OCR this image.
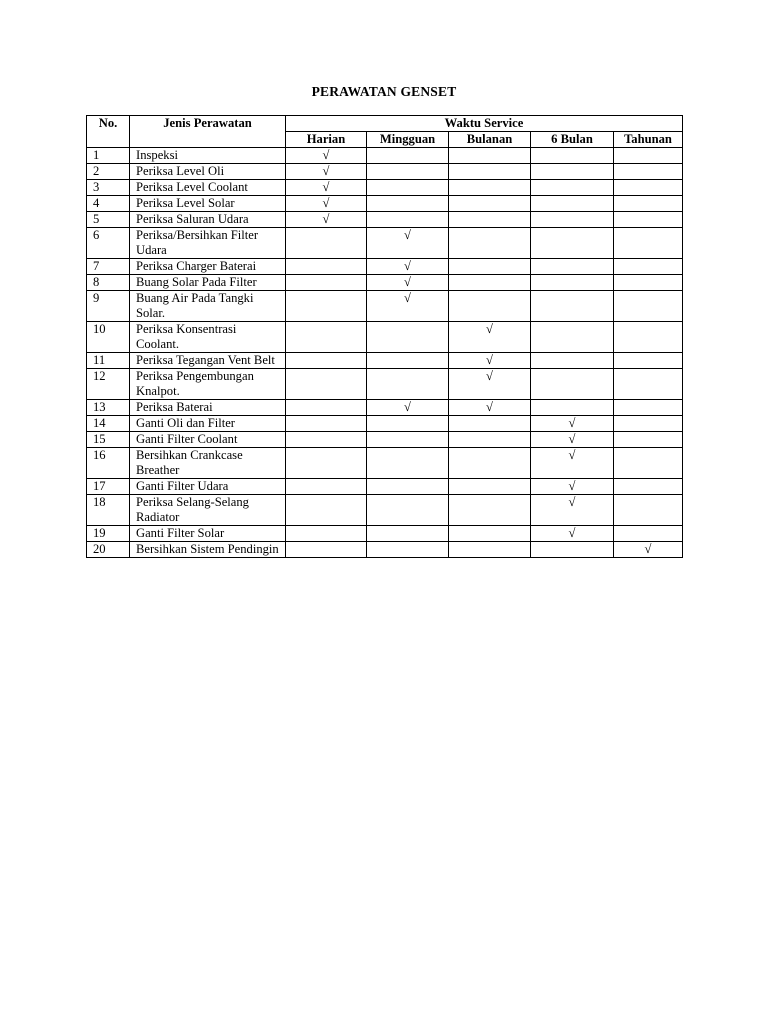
PERAWATAN GENSET
No.	Jenis Perawatan	Waktu Service				
		Harian	Mingguan	Bulanan	6 Bulan	Tahunan
1	Inspeksi	√				
2	Periksa Level Oli	√				
3	Periksa Level Coolant	√				
4	Periksa Level Solar	√				
5	Periksa Saluran Udara	√				
6	Periksa/Bersihkan Filter Udara		√			
7	Periksa Charger Baterai		√			
8	Buang Solar Pada Filter		√			
9	Buang Air Pada Tangki Solar.		√			
10	Periksa Konsentrasi Coolant.			√		
11	Periksa Tegangan Vent Belt			√		
12	Periksa Pengembungan Knalpot.			√		
13	Periksa Baterai		√	√		
14	Ganti Oli dan Filter				√	
15	Ganti Filter Coolant				√	
16	Bersihkan Crankcase Breather				√	
17	Ganti Filter Udara				√	
18	Periksa Selang-Selang Radiator				√	
19	Ganti Filter Solar				√	
20	Bersihkan Sistem Pendingin					√
